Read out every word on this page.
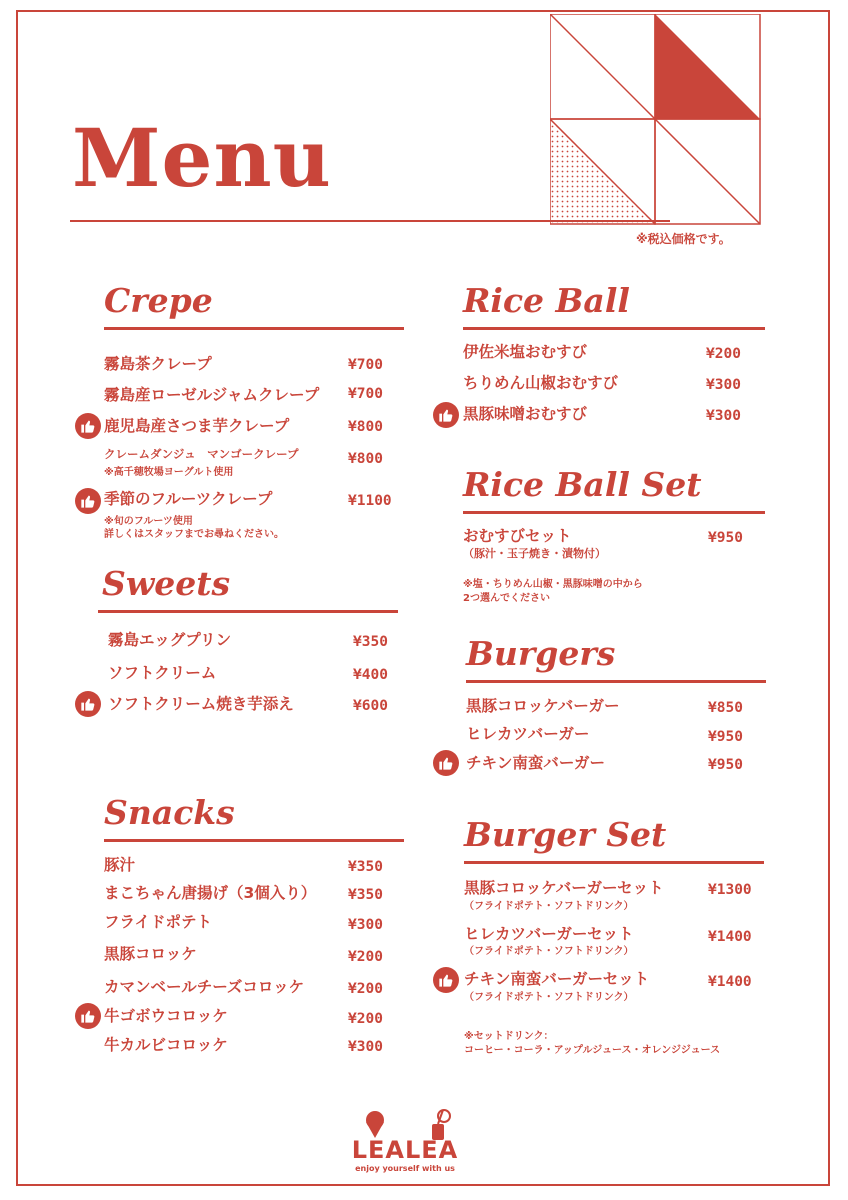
Menu
※税込価格です。
Crepe
霧島茶クレープ	¥700
霧島産ローゼルジャムクレープ ¥700
鹿児島産さつま芋クレープ	¥800
クレームダンジュ　マンゴークレープ	¥800
※高千穂牧場ヨーグルト使用
季節のフルーツクレープ	¥1100
※旬のフルーツ使用
詳しくはスタッフまでお尋ねください。
Sweets
霧島エッグプリン	¥350
ソフトクリーム	¥400
ソフトクリーム焼き芋添え	¥600
Snacks
豚汁	¥350
まこちゃん唐揚げ（3個入り） ¥350
フライドポテト	¥300
黒豚コロッケ	¥200
カマンベールチーズコロッケ	¥200
牛ゴボウコロッケ	¥200
牛カルビコロッケ	¥300
Rice Ball
伊佐米塩おむすび	¥200
ちりめん山椒おむすび	¥300
黒豚味噌おむすび	¥300
Rice Ball Set
おむすびセット	¥950
（豚汁・玉子焼き・漬物付）
※塩・ちりめん山椒・黒豚味噌の中から
2つ選んでください
Burgers
黒豚コロッケバーガー	¥850
ヒレカツバーガー	¥950
チキン南蛮バーガー	¥950
Burger Set
黒豚コロッケバーガーセット	¥1300
（フライドポテト・ソフトドリンク）
ヒレカツバーガーセット	¥1400
（フライドポテト・ソフトドリンク）
チキン南蛮バーガーセット	¥1400
（フライドポテト・ソフトドリンク）
※セットドリンク：
コーヒー・コーラ・アップルジュース・オレンジジュース
LEALEA
enjoy yourself with us
